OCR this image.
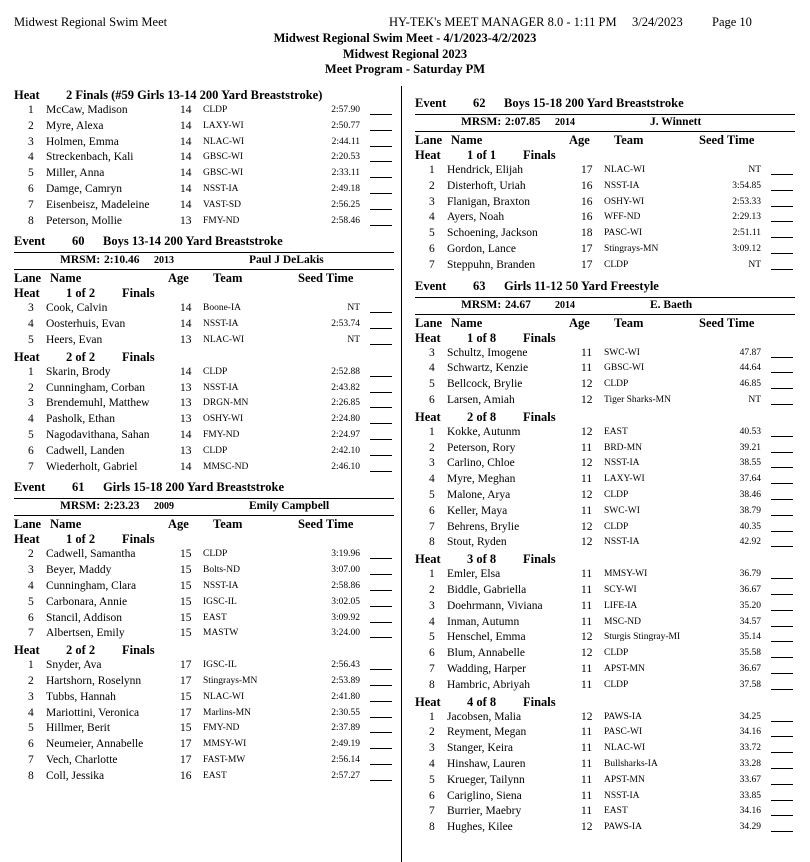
Midwest Regional Swim Meet	HY-TEK's MEET MANAGER 8.0 - 1:11 PM 3/24/2023 Page 10
Midwest Regional Swim Meet - 4/1/2023-4/2/2023
Midwest Regional 2023
Meet Program - Saturday PM
Heat 2 Finals (#59 Girls 13-14 200 Yard Breaststroke)
1 McCaw, Madison	14 CLDP	2:57.90
2 Myre, Alexa	14 LAXY-WI	2:50.77
3 Holmen, Emma	14 NLAC-WI	2:44.11
4 Streckenbach, Kali	14 GBSC-WI	2:20.53
5 Miller, Anna	14 GBSC-WI	2:33.11
6 Damge, Camryn	14 NSST-IA	2:49.18
7 Eisenbeisz, Madeleine	14 VAST-SD	2:56.25
8 Peterson, Mollie	13 FMY-ND	2:58.46
Event 60 Boys 13-14 200 Yard Breaststroke
MRSM: 2:10.46 2013	Paul J DeLakis
Lane Name	Age Team	Seed Time
Heat 1 of 2 Finals
3 Cook, Calvin	14 Boone-IA	NT
4 Oosterhuis, Evan	14 NSST-IA	2:53.74
5 Heers, Evan	13 NLAC-WI	NT
Heat 2 of 2 Finals
1 Skarin, Brody	14 CLDP	2:52.88
2 Cunningham, Corban	13 NSST-IA	2:43.82
3 Brendemuhl, Matthew	13 DRGN-MN	2:26.85
4 Pasholk, Ethan	13 OSHY-WI	2:24.80
5 Nagodavithana, Sahan	14 FMY-ND	2:24.97
6 Cadwell, Landen	13 CLDP	2:42.10
7 Wiederholt, Gabriel	14 MMSC-ND	2:46.10
Event 61 Girls 15-18 200 Yard Breaststroke
MRSM: 2:23.23 2009	Emily Campbell
Lane Name	Age Team	Seed Time
Heat 1 of 2 Finals
2 Cadwell, Samantha	15 CLDP	3:19.96
3 Beyer, Maddy	15 Bolts-ND	3:07.00
4 Cunningham, Clara	15 NSST-IA	2:58.86
5 Carbonara, Annie	15 IGSC-IL	3:02.05
6 Stancil, Addison	15 EAST	3:09.92
7 Albertsen, Emily	15 MASTW	3:24.00
Heat 2 of 2 Finals
1 Snyder, Ava	17 IGSC-IL	2:56.43
2 Hartshorn, Roselynn	17 Stingrays-MN	2:53.89
3 Tubbs, Hannah	15 NLAC-WI	2:41.80
4 Mariottini, Veronica	17 Marlins-MN	2:30.55
5 Hillmer, Berit	15 FMY-ND	2:37.89
6 Neumeier, Annabelle	17 MMSY-WI	2:49.19
7 Vech, Charlotte	17 FAST-MW	2:56.14
8 Coll, Jessika	16 EAST	2:57.27
Event 62 Boys 15-18 200 Yard Breaststroke
MRSM: 2:07.85 2014	J. Winnett
Lane Name	Age Team	Seed Time
Heat 1 of 1 Finals
1 Hendrick, Elijah	17 NLAC-WI	NT
2 Disterhoft, Uriah	16 NSST-IA	3:54.85
3 Flanigan, Braxton	16 OSHY-WI	2:53.33
4 Ayers, Noah	16 WFF-ND	2:29.13
5 Schoening, Jackson	18 PASC-WI	2:51.11
6 Gordon, Lance	17 Stingrays-MN	3:09.12
7 Steppuhn, Branden	17 CLDP	NT
Event 63 Girls 11-12 50 Yard Freestyle
MRSM: 24.67 2014	E. Baeth
Lane Name	Age Team	Seed Time
Heat 1 of 8 Finals
3 Schultz, Imogene	11 SWC-WI	47.87
4 Schwartz, Kenzie	11 GBSC-WI	44.64
5 Bellcock, Brylie	12 CLDP	46.85
6 Larsen, Amiah	12 Tiger Sharks-MN	NT
Heat 2 of 8 Finals
1 Kokke, Autunm	12 EAST	40.53
2 Peterson, Rory	11 BRD-MN	39.21
3 Carlino, Chloe	12 NSST-IA	38.55
4 Myre, Meghan	11 LAXY-WI	37.64
5 Malone, Arya	12 CLDP	38.46
6 Keller, Maya	11 SWC-WI	38.79
7 Behrens, Brylie	12 CLDP	40.35
8 Stout, Ryden	12 NSST-IA	42.92
Heat 3 of 8 Finals
1 Emler, Elsa	11 MMSY-WI	36.79
2 Biddle, Gabriella	11 SCY-WI	36.67
3 Doehrmann, Viviana	11 LIFE-IA	35.20
4 Inman, Autumn	11 MSC-ND	34.57
5 Henschel, Emma	12 Sturgis Stingray-MI	35.14
6 Blum, Annabelle	12 CLDP	35.58
7 Wadding, Harper	11 APST-MN	36.67
8 Hambric, Abriyah	11 CLDP	37.58
Heat 4 of 8 Finals
1 Jacobsen, Malia	12 PAWS-IA	34.25
2 Reyment, Megan	11 PASC-WI	34.16
3 Stanger, Keira	11 NLAC-WI	33.72
4 Hinshaw, Lauren	11 Bullsharks-IA	33.28
5 Krueger, Tailynn	11 APST-MN	33.67
6 Cariglino, Siena	11 NSST-IA	33.85
7 Burrier, Maebry	11 EAST	34.16
8 Hughes, Kilee	12 PAWS-IA	34.29
